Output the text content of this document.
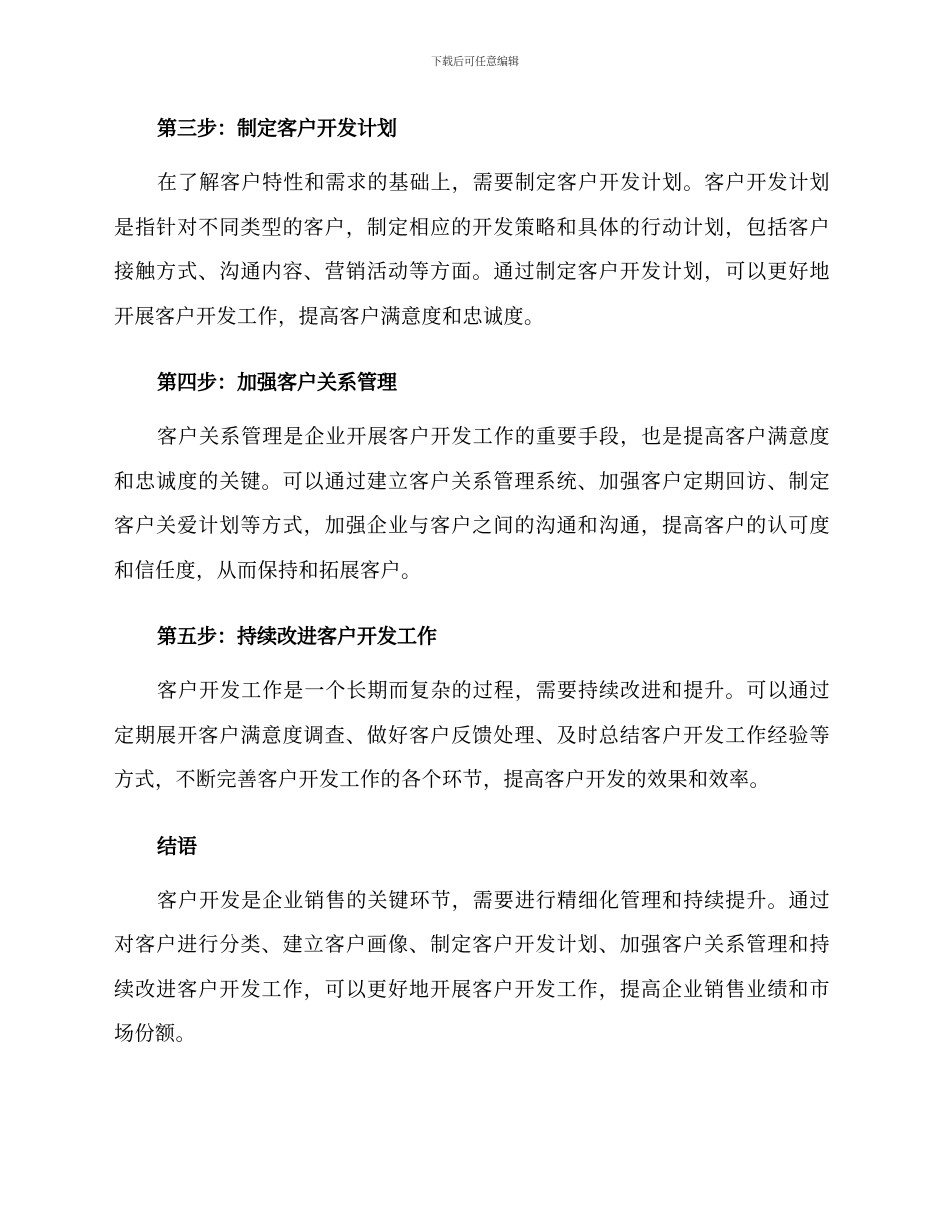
下载后可任意编辑
第三步：制定客户开发计划

在了解客户特性和需求的基础上，需要制定客户开发计划。客户开发计划是指针对不同类型的客户，制定相应的开发策略和具体的行动计划，包括客户接触方式、沟通内容、营销活动等方面。通过制定客户开发计划，可以更好地开展客户开发工作，提高客户满意度和忠诚度。

第四步：加强客户关系管理

客户关系管理是企业开展客户开发工作的重要手段，也是提高客户满意度和忠诚度的关键。可以通过建立客户关系管理系统、加强客户定期回访、制定客户关爱计划等方式，加强企业与客户之间的沟通和沟通，提高客户的认可度和信任度，从而保持和拓展客户。

第五步：持续改进客户开发工作

客户开发工作是一个长期而复杂的过程，需要持续改进和提升。可以通过定期展开客户满意度调查、做好客户反馈处理、及时总结客户开发工作经验等方式，不断完善客户开发工作的各个环节，提高客户开发的效果和效率。

结语

客户开发是企业销售的关键环节，需要进行精细化管理和持续提升。通过对客户进行分类、建立客户画像、制定客户开发计划、加强客户关系管理和持续改进客户开发工作，可以更好地开展客户开发工作，提高企业销售业绩和市场份额。
